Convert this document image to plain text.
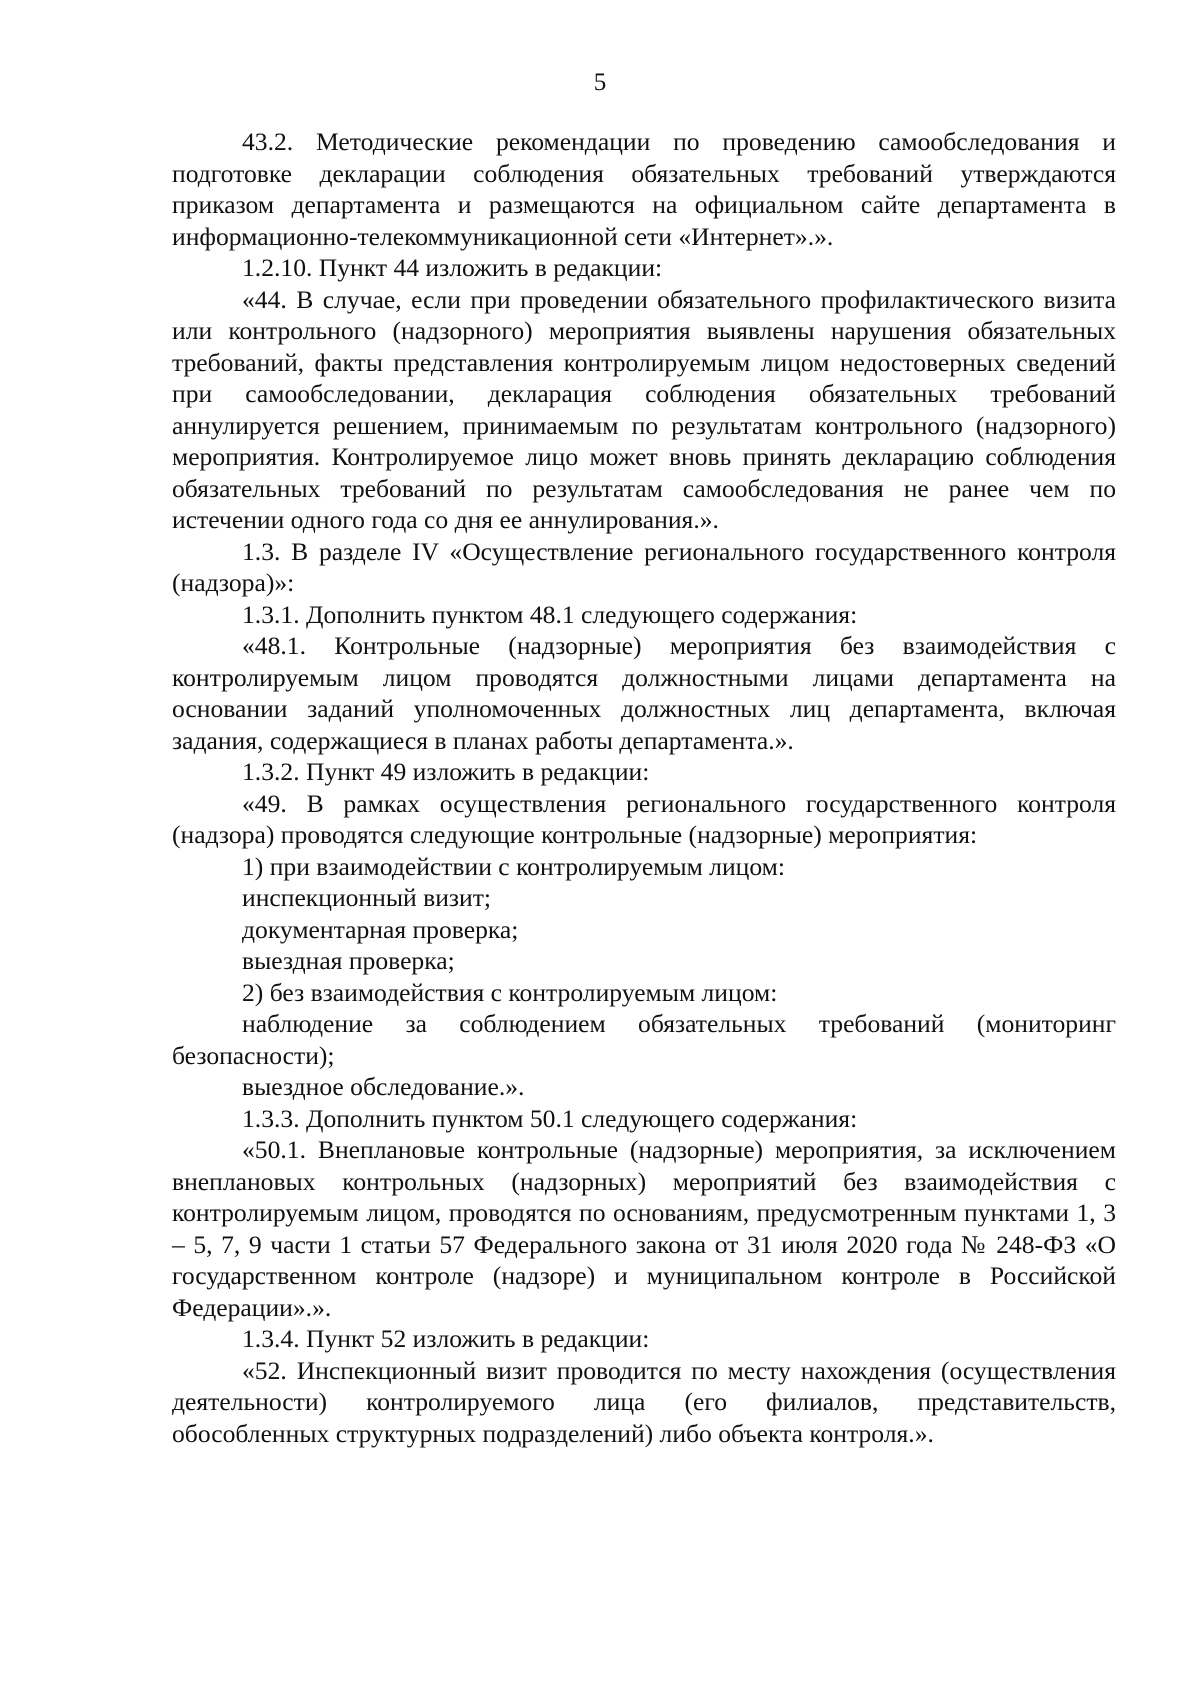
5

43.2. Методические рекомендации по проведению самообследования и подготовке декларации соблюдения обязательных требований утверждаются приказом департамента и размещаются на официальном сайте департамента в информационно-телекоммуникационной сети «Интернет».».

1.2.10. Пункт 44 изложить в редакции:

«44. В случае, если при проведении обязательного профилактического визита или контрольного (надзорного) мероприятия выявлены нарушения обязательных требований, факты представления контролируемым лицом недостоверных сведений при самообследовании, декларация соблюдения обязательных требований аннулируется решением, принимаемым по результатам контрольного (надзорного) мероприятия. Контролируемое лицо может вновь принять декларацию соблюдения обязательных требований по результатам самообследования не ранее чем по истечении одного года со дня ее аннулирования.».

1.3. В разделе IV «Осуществление регионального государственного контроля (надзора)»:

1.3.1. Дополнить пунктом 48.1 следующего содержания:

«48.1. Контрольные (надзорные) мероприятия без взаимодействия с контролируемым лицом проводятся должностными лицами департамента на основании заданий уполномоченных должностных лиц департамента, включая задания, содержащиеся в планах работы департамента.».

1.3.2. Пункт 49 изложить в редакции:

«49. В рамках осуществления регионального государственного контроля (надзора) проводятся следующие контрольные (надзорные) мероприятия:

1) при взаимодействии с контролируемым лицом:

инспекционный визит;

документарная проверка;

выездная проверка;

2) без взаимодействия с контролируемым лицом:

наблюдение за соблюдением обязательных требований (мониторинг безопасности);

выездное обследование.».

1.3.3. Дополнить пунктом 50.1 следующего содержания:

«50.1. Внеплановые контрольные (надзорные) мероприятия, за исключением внеплановых контрольных (надзорных) мероприятий без взаимодействия с контролируемым лицом, проводятся по основаниям, предусмотренным пунктами 1, 3 – 5, 7, 9 части 1 статьи 57 Федерального закона от 31 июля 2020 года № 248-ФЗ «О государственном контроле (надзоре) и муниципальном контроле в Российской Федерации».».

1.3.4. Пункт 52 изложить в редакции:

«52. Инспекционный визит проводится по месту нахождения (осуществления деятельности) контролируемого лица (его филиалов, представительств, обособленных структурных подразделений) либо объекта контроля.».
